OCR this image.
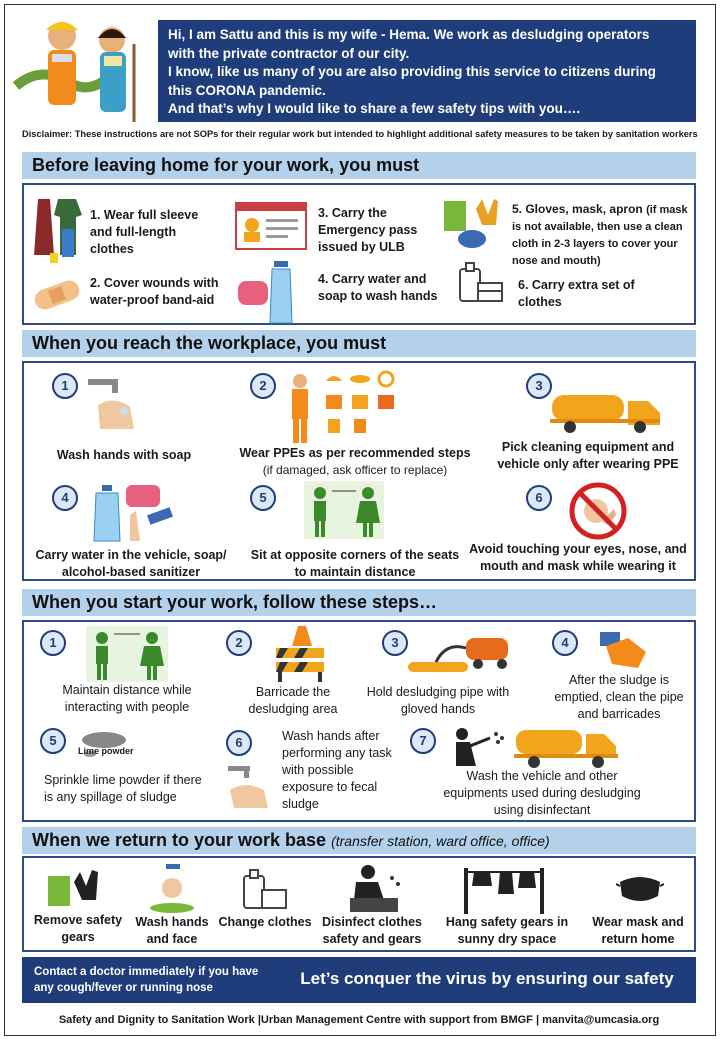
Hi, I am Sattu and this is my wife - Hema. We work as desludging operators
with the private contractor of our city.
I know, like us many of you are also providing this service to citizens during
this CORONA pandemic.
And that’s why I would like to share a few safety tips with you….
Disclaimer: These instructions are not SOPs for their regular work but intended to highlight additional safety measures to be taken by sanitation workers
Before leaving home for your work, you must
1. Wear full sleeve and full-length clothes
2. Cover wounds with water-proof band-aid
3. Carry the Emergency pass issued by ULB
4. Carry water and soap to wash hands
5. Gloves, mask, apron (if mask is not available, then use a clean cloth in 2-3 layers to cover your nose and mouth)
6. Carry extra set of clothes
When you reach the workplace, you must
1
Wash hands with soap
2
Wear PPEs as per recommended steps
(if damaged, ask officer to replace)
3
Pick cleaning equipment and vehicle only after wearing PPE
4
Carry water in the vehicle, soap/ alcohol-based sanitizer
5
Sit at opposite corners of the seats to maintain distance
6
Avoid touching your eyes, nose, and mouth and mask while wearing it
When you start your work, follow these steps…
1
Maintain distance while interacting with people
2
Barricade the desludging area
3
Hold desludging pipe with gloved hands
4
After the sludge is emptied, clean the pipe and barricades
5
Lime powder
Sprinkle lime powder if there is any spillage of sludge
6	Wash hands after performing any task with possible exposure to fecal sludge
7
Wash the vehicle and other equipments used during desludging using disinfectant
When we return to your work base (transfer station, ward office, office)
Remove safety gears
Wash hands and face
Change clothes Disinfect clothes safety and gears
Hang safety gears in sunny dry space
Wear mask and return home
Contact a doctor immediately if you have any cough/fever or running nose	Let’s conquer the virus by ensuring our safety
Safety and Dignity to Sanitation Work |Urban Management Centre with support from BMGF | manvita@umcasia.org
